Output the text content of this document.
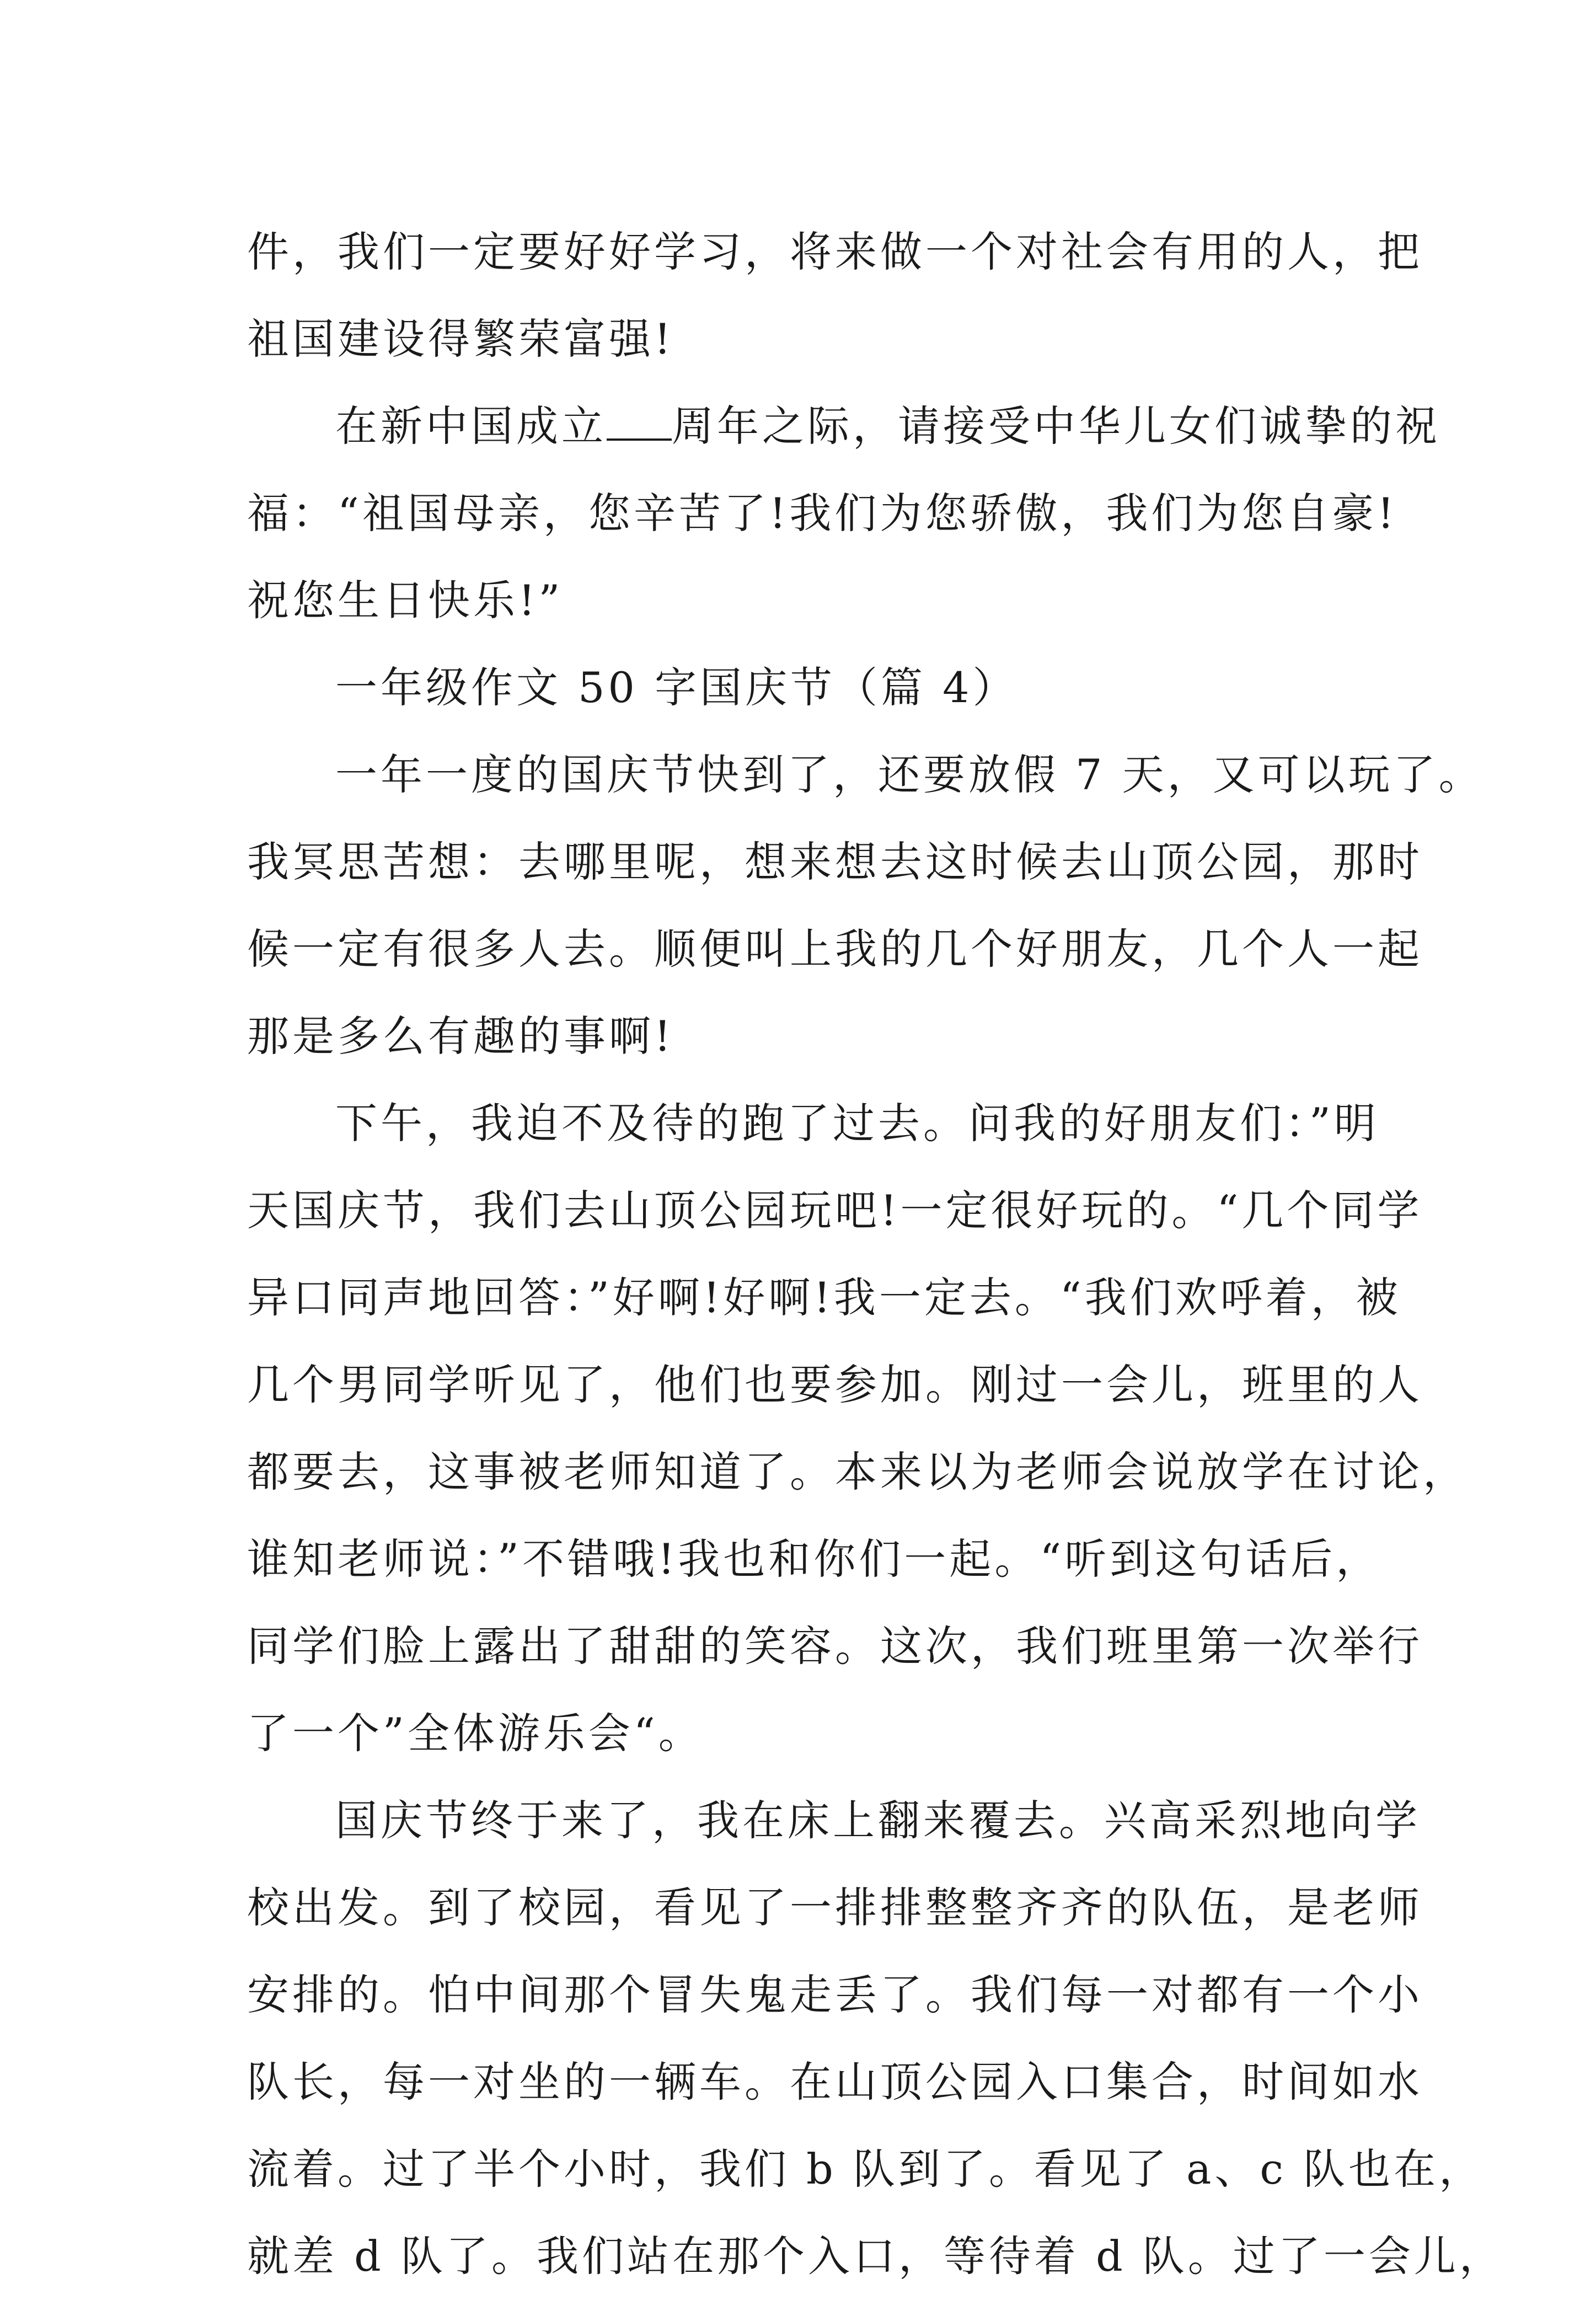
件，我们一定要好好学习，将来做一个对社会有用的人，把
祖国建设得繁荣富强!
在新中国成立 周年之际，请接受中华儿女们诚挚的祝
福：“祖国母亲，您辛苦了!我们为您骄傲，我们为您自豪!
祝您生日快乐!”
一年级作文 50 字国庆节（篇 4）
一年一度的国庆节快到了，还要放假 7 天，又可以玩了。
我冥思苦想：去哪里呢，想来想去这时候去山顶公园，那时
候一定有很多人去。顺便叫上我的几个好朋友，几个人一起
那是多么有趣的事啊!
下午，我迫不及待的跑了过去。问我的好朋友们：”明
天国庆节，我们去山顶公园玩吧!一定很好玩的。“几个同学
异口同声地回答：”好啊!好啊!我一定去。“我们欢呼着，被
几个男同学听见了，他们也要参加。刚过一会儿，班里的人
都要去，这事被老师知道了。本来以为老师会说放学在讨论，
谁知老师说：”不错哦!我也和你们一起。“听到这句话后，
同学们脸上露出了甜甜的笑容。这次，我们班里第一次举行
了一个”全体游乐会“。
国庆节终于来了，我在床上翻来覆去。兴高采烈地向学
校出发。到了校园，看见了一排排整整齐齐的队伍，是老师
安排的。怕中间那个冒失鬼走丢了。我们每一对都有一个小
队长，每一对坐的一辆车。在山顶公园入口集合，时间如水
流着。过了半个小时，我们 b 队到了。看见了 a、c 队也在，
就差 d 队了。我们站在那个入口，等待着 d 队。过了一会儿，
